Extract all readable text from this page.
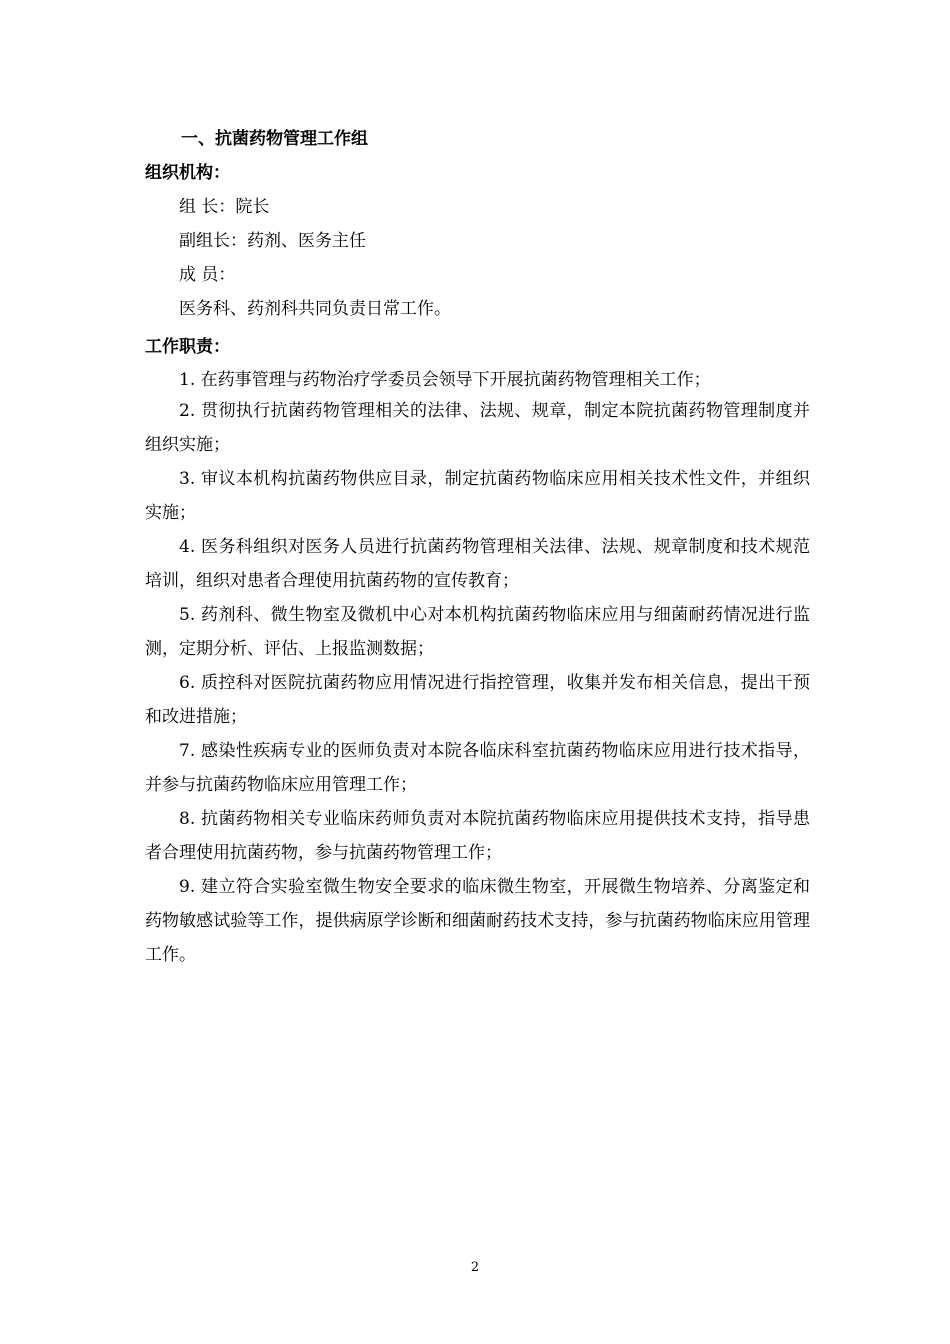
一、抗菌药物管理工作组

组织机构：

组 长：院长

副组长：药剂、医务主任

成 员：

医务科、药剂科共同负责日常工作。

工作职责：

1. 在药事管理与药物治疗学委员会领导下开展抗菌药物管理相关工作；

2. 贯彻执行抗菌药物管理相关的法律、法规、规章，制定本院抗菌药物管理制度并组织实施；

3. 审议本机构抗菌药物供应目录，制定抗菌药物临床应用相关技术性文件，并组织实施；

4. 医务科组织对医务人员进行抗菌药物管理相关法律、法规、规章制度和技术规范培训，组织对患者合理使用抗菌药物的宣传教育；

5. 药剂科、微生物室及微机中心对本机构抗菌药物临床应用与细菌耐药情况进行监测，定期分析、评估、上报监测数据；

6. 质控科对医院抗菌药物应用情况进行指控管理，收集并发布相关信息，提出干预和改进措施；

7. 感染性疾病专业的医师负责对本院各临床科室抗菌药物临床应用进行技术指导，并参与抗菌药物临床应用管理工作；

8. 抗菌药物相关专业临床药师负责对本院抗菌药物临床应用提供技术支持，指导患者合理使用抗菌药物，参与抗菌药物管理工作；

9. 建立符合实验室微生物安全要求的临床微生物室，开展微生物培养、分离鉴定和药物敏感试验等工作，提供病原学诊断和细菌耐药技术支持，参与抗菌药物临床应用管理工作。

2
